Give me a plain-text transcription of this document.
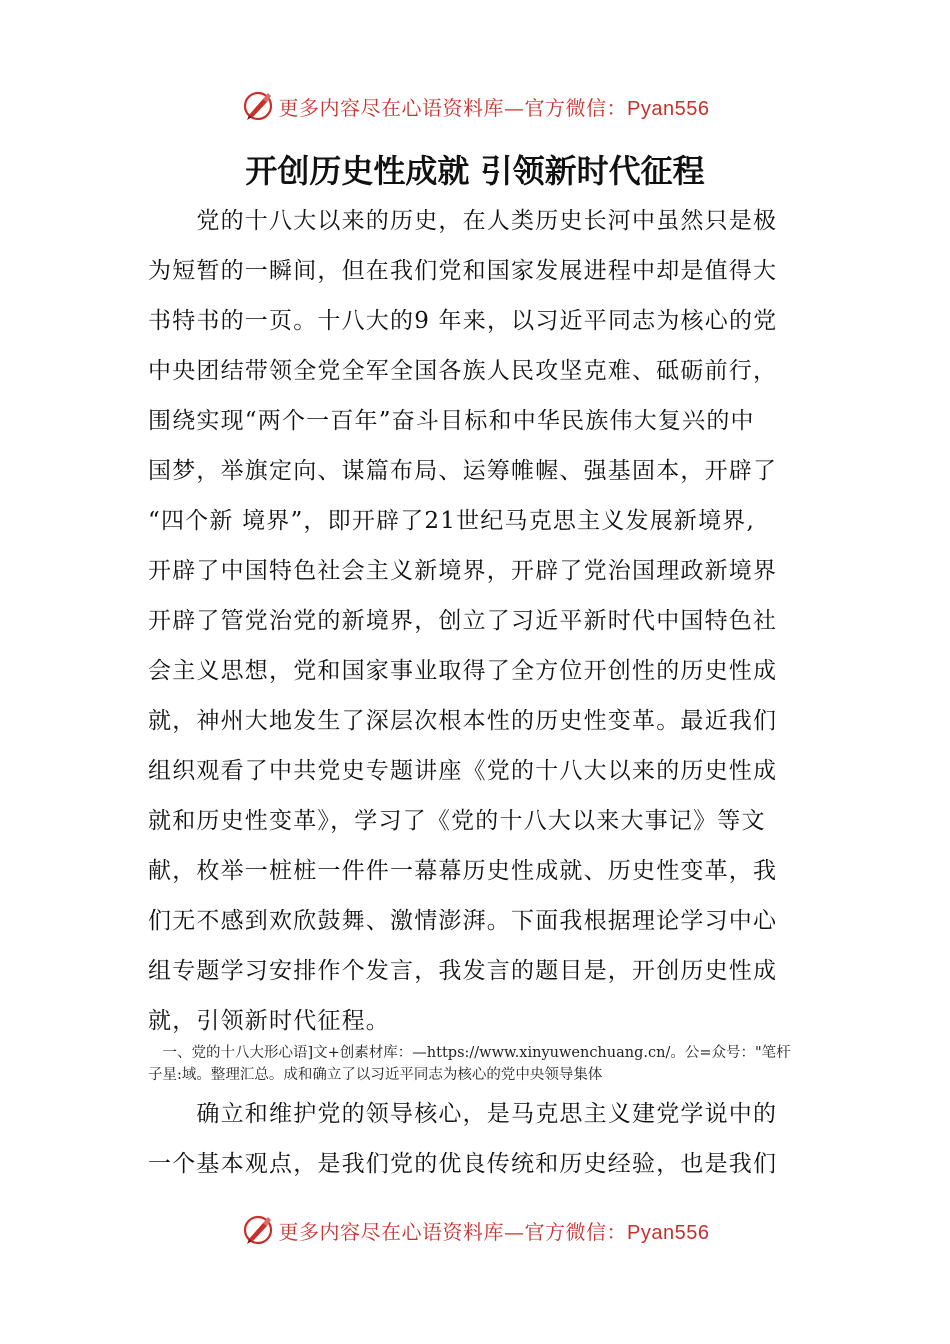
更多内容尽在心语资料库—官方微信：Pyan556
开创历史性成就 引领新时代征程
　　党的十八大以来的历史，在人类历史长河中虽然只是极
为短暂的一瞬间，但在我们党和国家发展进程中却是值得大
书特书的一页。十八大的9 年来，以习近平同志为核心的党
中央团结带领全党全军全国各族人民攻坚克难、砥砺前行，
围绕实现“两个一百年”奋斗目标和中华民族伟大复兴的中
国梦，举旗定向、谋篇布局、运筹帷幄、强基固本，开辟了
“四个新 境界”，即开辟了21世纪马克思主义发展新境界,
开辟了中国特色社会主义新境界，开辟了党治国理政新境界
开辟了管党治党的新境界，创立了习近平新时代中国特色社
会主义思想，党和国家事业取得了全方位开创性的历史性成
就，神州大地发生了深层次根本性的历史性变革。最近我们
组织观看了中共党史专题讲座《党的十八大以来的历史性成
就和历史性变革》，学习了《党的十八大以来大事记》等文
献，枚举一桩桩一件件一幕幕历史性成就、历史性变革，我
们无不感到欢欣鼓舞、激情澎湃。下面我根据理论学习中心
组专题学习安排作个发言，我发言的题目是，开创历史性成
就，引领新时代征程。
　一、党的十八大形心语]文+创素材库：—https://www.xinyuwenchuang.cn/。公=众号："笔杆
子星:域。整理汇总。成和确立了以习近平同志为核心的党中央领导集体
　　确立和维护党的领导核心，是马克思主义建党学说中的
一个基本观点，是我们党的优良传统和历史经验，也是我们
更多内容尽在心语资料库—官方微信：Pyan556
